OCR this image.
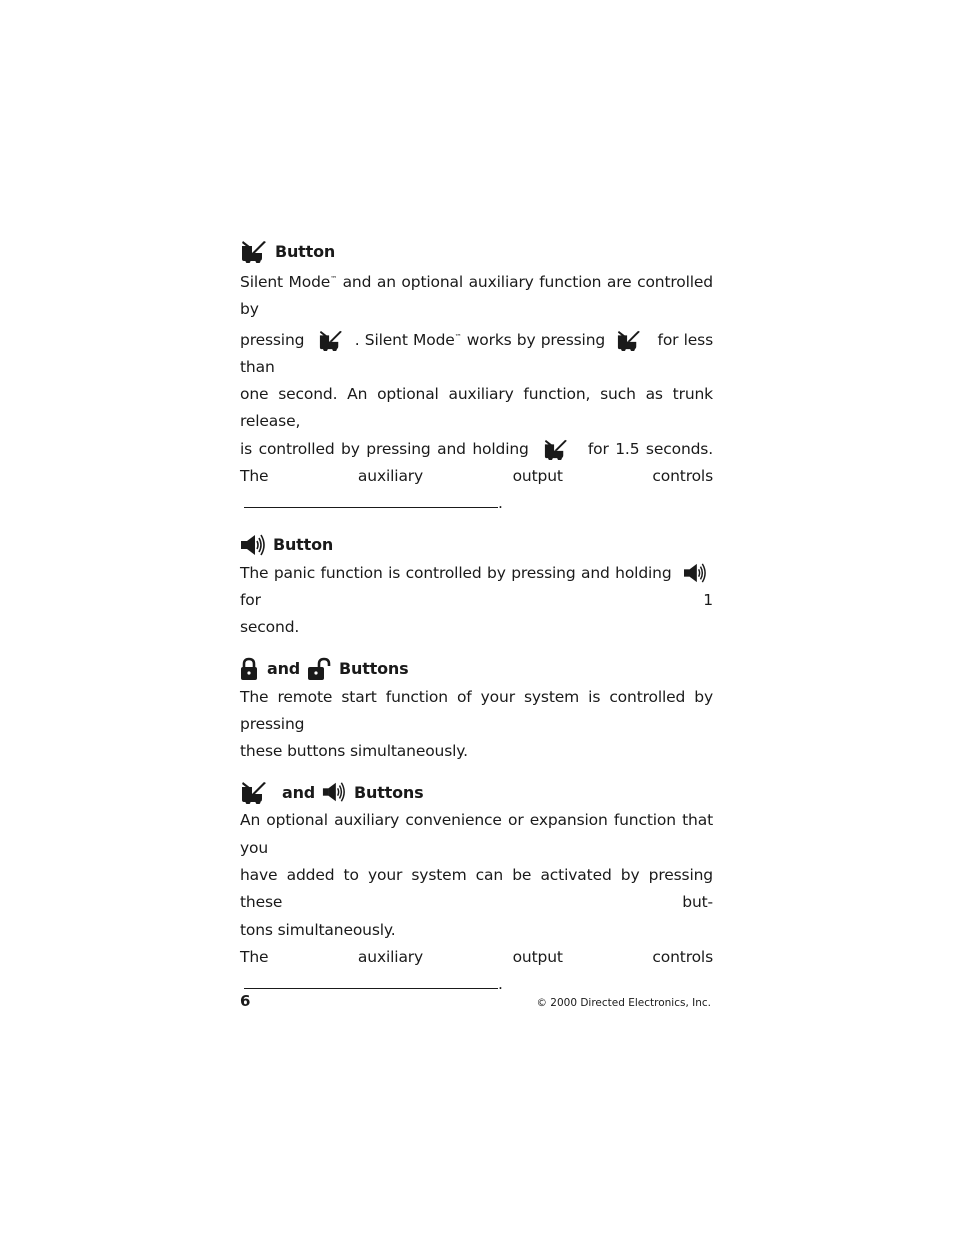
Button
Silent Mode™ and an optional auxiliary function are controlled by
pressing	. Silent Mode™ works by pressing	for less than
one second. An optional auxiliary function, such as trunk release,
is controlled by pressing and holding	for 1.5 seconds.
The auxiliary output controls.
Button
The panic function is controlled by pressing and holding
for 1
second.
and Buttons
The remote start function of your system is controlled by pressing
these buttons simultaneously.
and Buttons
An optional auxiliary convenience or expansion function that you
have added to your system can be activated by pressing these but-
tons simultaneously.
The auxiliary output controls.
6	© 2000 Directed Electronics, Inc.
